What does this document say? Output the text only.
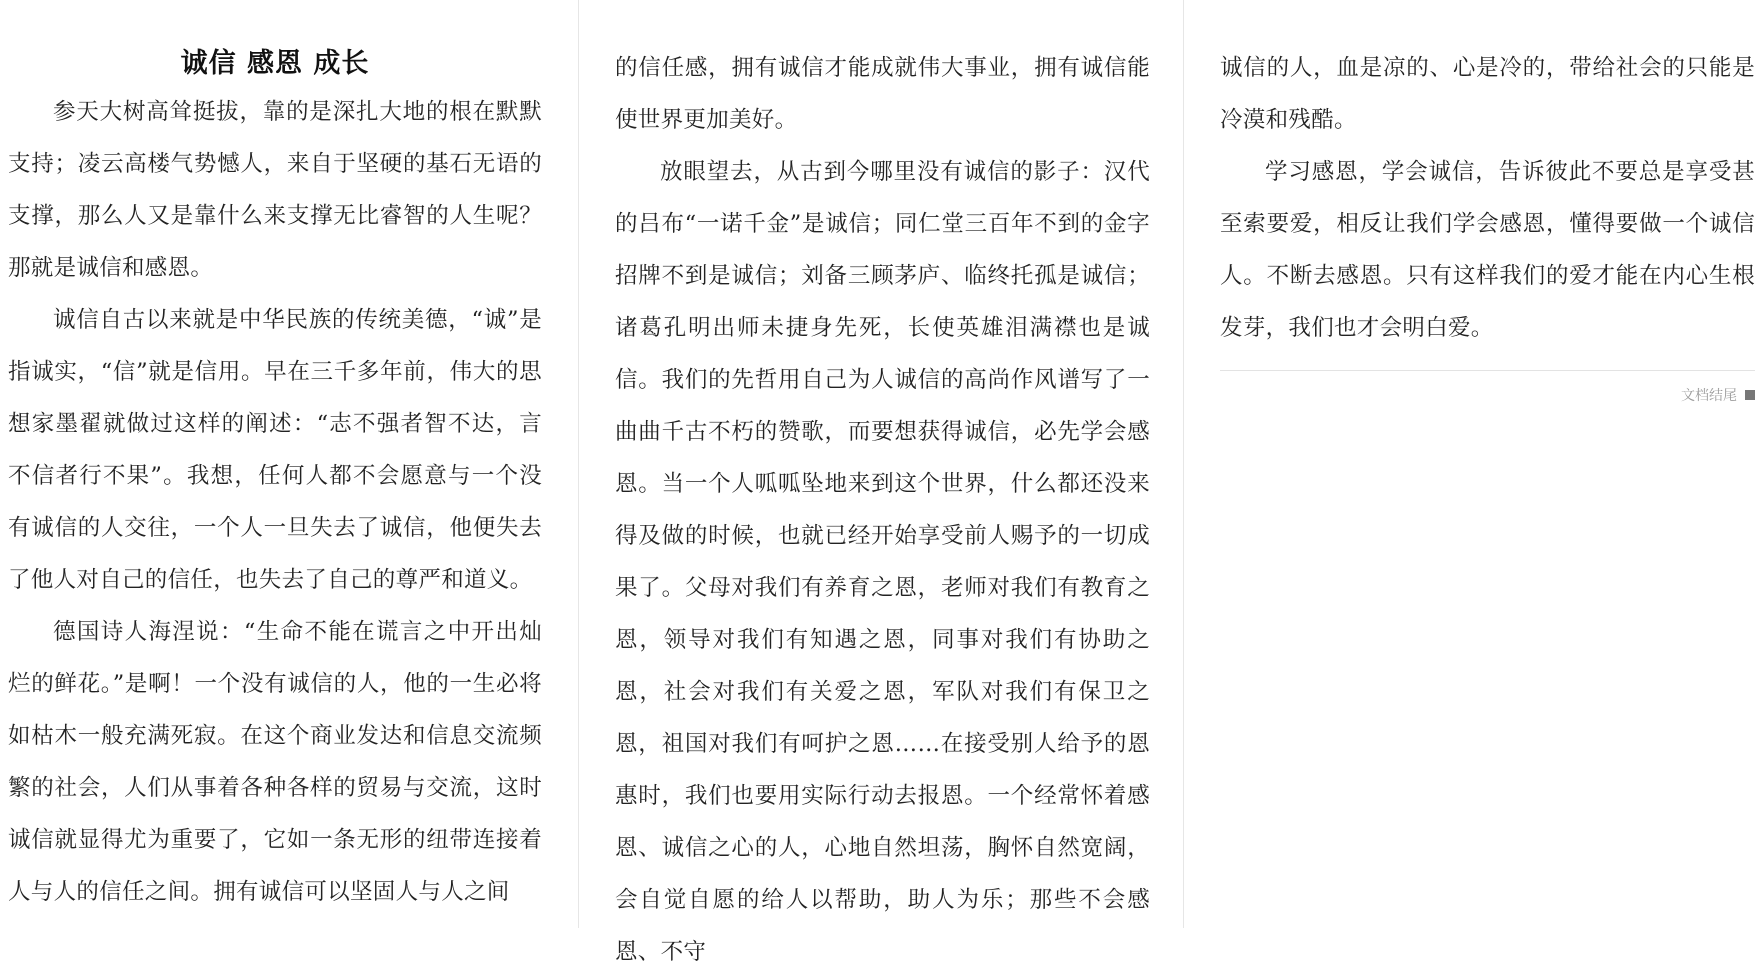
诚信 感恩 成长

参天大树高耸挺拔，靠的是深扎大地的根在默默支持；凌云高楼气势憾人，来自于坚硬的基石无语的支撑，那么人又是靠什么来支撑无比睿智的人生呢？那就是诚信和感恩。

诚信自古以来就是中华民族的传统美德，“诚”是指诚实，“信”就是信用。早在三千多年前，伟大的思想家墨翟就做过这样的阐述：“志不强者智不达，言不信者行不果”。我想，任何人都不会愿意与一个没有诚信的人交往，一个人一旦失去了诚信，他便失去了他人对自己的信任，也失去了自己的尊严和道义。

德国诗人海涅说：“生命不能在谎言之中开出灿烂的鲜花。”是啊！一个没有诚信的人，他的一生必将如枯木一般充满死寂。在这个商业发达和信息交流频繁的社会，人们从事着各种各样的贸易与交流，这时诚信就显得尤为重要了，它如一条无形的纽带连接着人与人的信任之间。拥有诚信可以坚固人与人之间

的信任感，拥有诚信才能成就伟大事业，拥有诚信能使世界更加美好。

放眼望去，从古到今哪里没有诚信的影子：汉代的吕布“一诺千金”是诚信；同仁堂三百年不到的金字招牌不到是诚信；刘备三顾茅庐、临终托孤是诚信；诸葛孔明出师未捷身先死，长使英雄泪满襟也是诚信。我们的先哲用自己为人诚信的高尚作风谱写了一曲曲千古不朽的赞歌，而要想获得诚信，必先学会感恩。当一个人呱呱坠地来到这个世界，什么都还没来得及做的时候，也就已经开始享受前人赐予的一切成果了。父母对我们有养育之恩，老师对我们有教育之恩，领导对我们有知遇之恩，同事对我们有协助之恩，社会对我们有关爱之恩，军队对我们有保卫之恩，祖国对我们有呵护之恩……在接受别人给予的恩惠时，我们也要用实际行动去报恩。一个经常怀着感恩、诚信之心的人，心地自然坦荡，胸怀自然宽阔，会自觉自愿的给人以帮助，助人为乐；那些不会感恩、不守

诚信的人，血是凉的、心是冷的，带给社会的只能是冷漠和残酷。

学习感恩，学会诚信，告诉彼此不要总是享受甚至索要爱，相反让我们学会感恩，懂得要做一个诚信人。不断去感恩。只有这样我们的爱才能在内心生根发芽，我们也才会明白爱。

文档结尾
